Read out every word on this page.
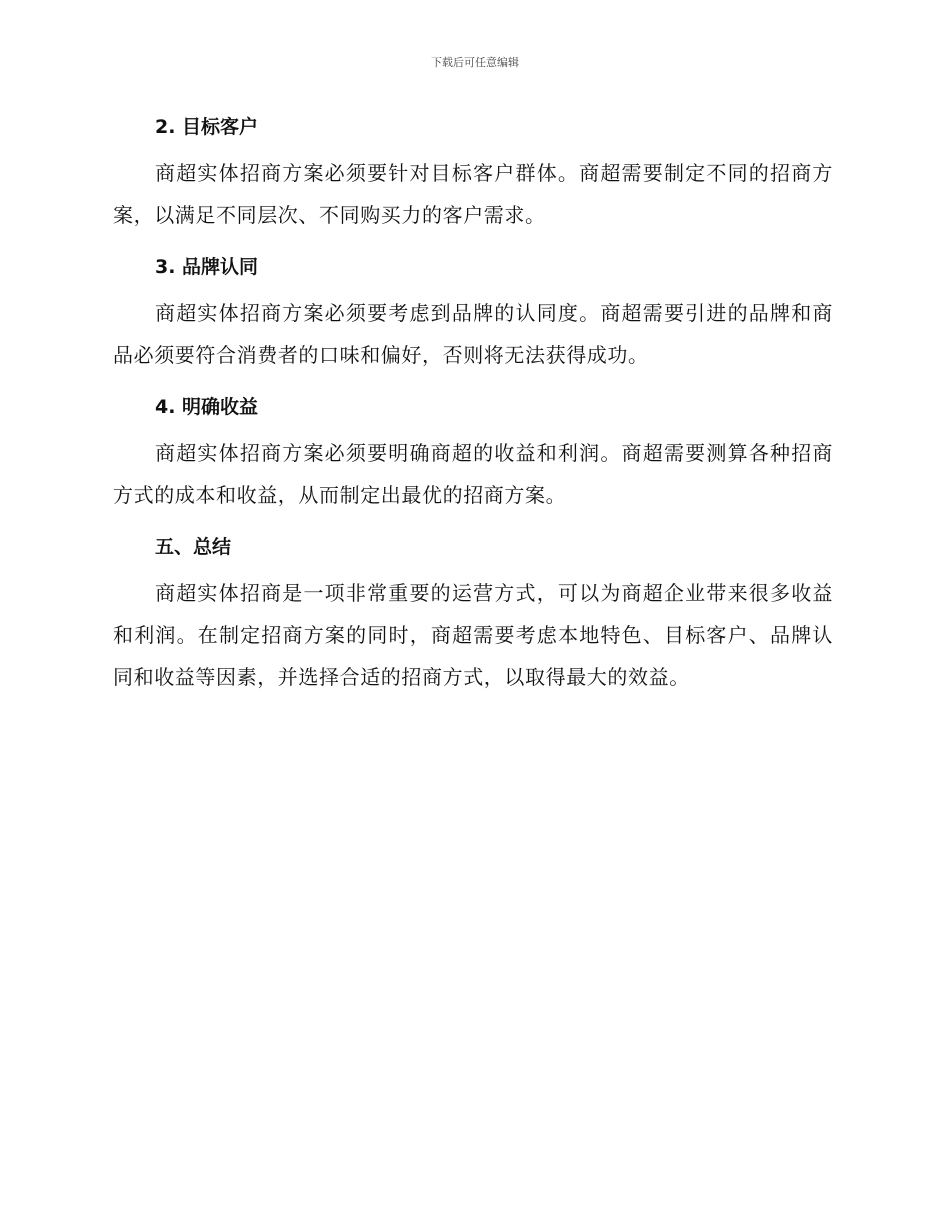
下载后可任意编辑
2. 目标客户

商超实体招商方案必须要针对目标客户群体。商超需要制定不同的招商方案，以满足不同层次、不同购买力的客户需求。

3. 品牌认同

商超实体招商方案必须要考虑到品牌的认同度。商超需要引进的品牌和商品必须要符合消费者的口味和偏好，否则将无法获得成功。

4. 明确收益

商超实体招商方案必须要明确商超的收益和利润。商超需要测算各种招商方式的成本和收益，从而制定出最优的招商方案。

五、总结

商超实体招商是一项非常重要的运营方式，可以为商超企业带来很多收益和利润。在制定招商方案的同时，商超需要考虑本地特色、目标客户、品牌认同和收益等因素，并选择合适的招商方式，以取得最大的效益。
